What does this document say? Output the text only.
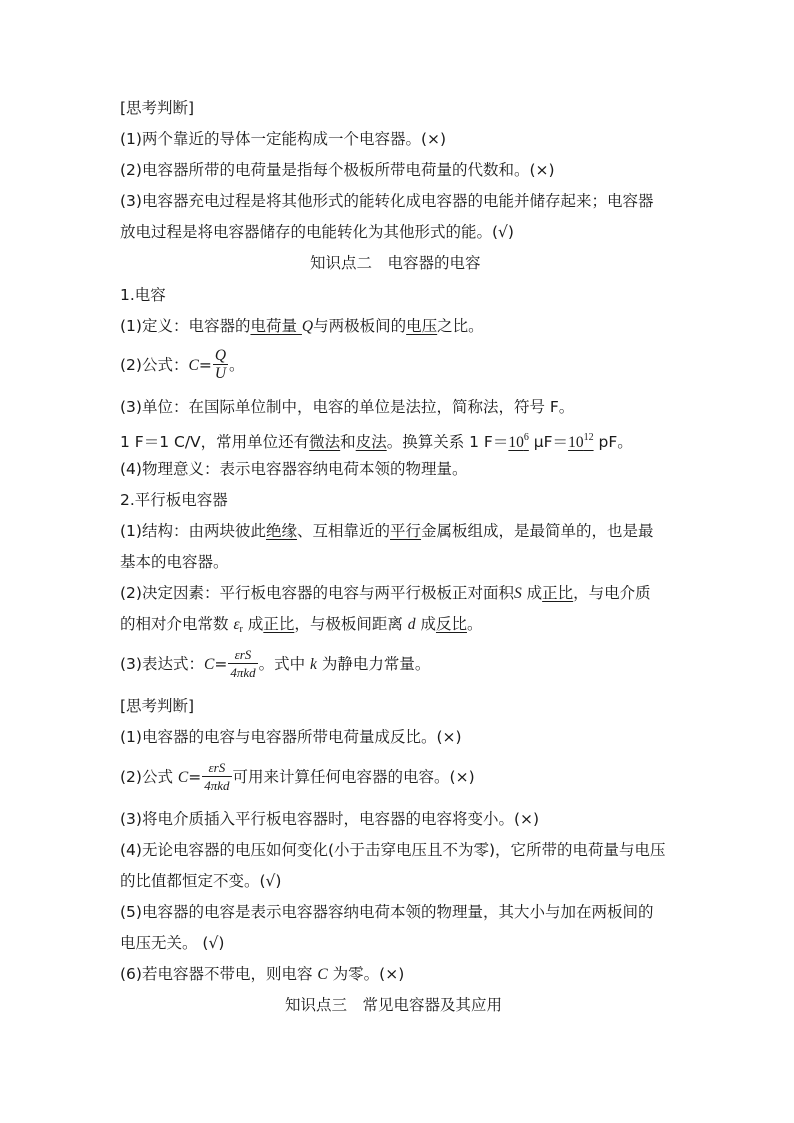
[思考判断]
(1)两个靠近的导体一定能构成一个电容器。(×)
(2)电容器所带的电荷量是指每个极板所带电荷量的代数和。(×)
(3)电容器充电过程是将其他形式的能转化成电容器的电能并储存起来；电容器
放电过程是将电容器储存的电能转化为其他形式的能。(√)
知识点二　电容器的电容
1.电容
(1)定义：电容器的电荷量 Q与两极板间的电压之比。
(2)公式：$C= \frac{Q}{U}$ 。
(3)单位：在国际单位制中，电容的单位是法拉，简称法，符号 F。
1 F＝1 C/V，常用单位还有微法和皮法。换算关系 1 $F=10^6$ $\mu F=10^{12}$ pF。
(4)物理意义：表示电容器容纳电荷本领的物理量。
2.平行板电容器
(1)结构：由两块彼此绝缘、互相靠近的平行金属板组成，是最简单的，也是最
基本的电容器。
(2)决定因素：平行板电容器的电容与两平行极板正对面积S 成正比，与电介质
的相对介电常数 $\varepsilon_r$ 成正比，与极板间距离 d 成反比。
(3)表达式：$C= \frac{\text{εrS}}{\text{4πkd}}$ 。式中 k 为静电力常量。
[思考判断]
(1)电容器的电容与电容器所带电荷量成反比。(×)
(2)公式 $C= \frac{\text{εrS}}{\text{4πkd}}$ 可用来计算任何电容器的电容。(×)
(3)将电介质插入平行板电容器时，电容器的电容将变小。(×)
(4)无论电容器的电压如何变化(小于击穿电压且不为零)，它所带的电荷量与电压
的比值都恒定不变。(√)
(5)电容器的电容是表示电容器容纳电荷本领的物理量，其大小与加在两板间的
电压无关。 (√)
(6)若电容器不带电，则电容 C 为零。(×)
知识点三　常见电容器及其应用
